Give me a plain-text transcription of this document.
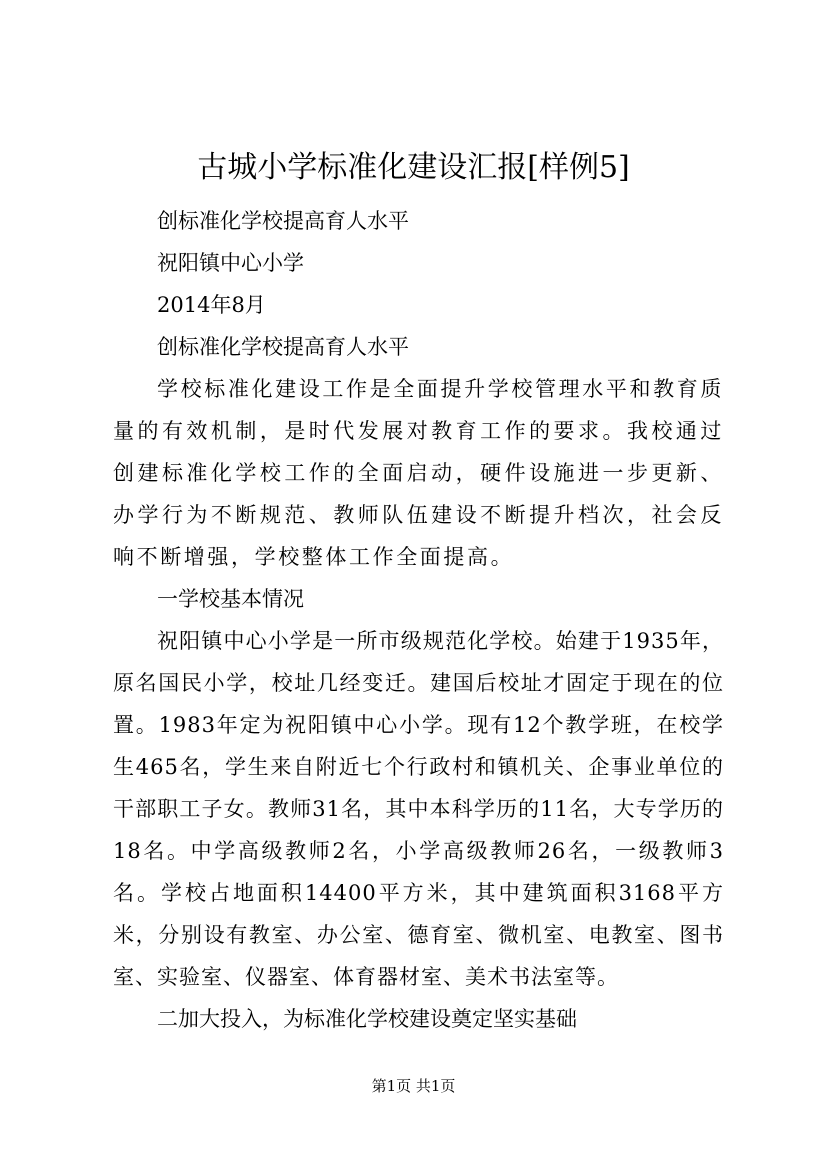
古城小学标准化建设汇报[样例5]

创标准化学校提高育人水平

祝阳镇中心小学

2014年8月

创标准化学校提高育人水平

学校标准化建设工作是全面提升学校管理水平和教育质量的有效机制，是时代发展对教育工作的要求。我校通过创建标准化学校工作的全面启动，硬件设施进一步更新、办学行为不断规范、教师队伍建设不断提升档次，社会反响不断增强，学校整体工作全面提高。

一学校基本情况

祝阳镇中心小学是一所市级规范化学校。始建于1935年，原名国民小学，校址几经变迁。建国后校址才固定于现在的位置。1983年定为祝阳镇中心小学。现有12个教学班，在校学生465名，学生来自附近七个行政村和镇机关、企事业单位的干部职工子女。教师31名，其中本科学历的11名，大专学历的18名。中学高级教师2名，小学高级教师26名，一级教师3名。学校占地面积14400平方米，其中建筑面积3168平方米，分别设有教室、办公室、德育室、微机室、电教室、图书室、实验室、仪器室、体育器材室、美术书法室等。

二加大投入，为标准化学校建设奠定坚实基础

第1页 共1页
